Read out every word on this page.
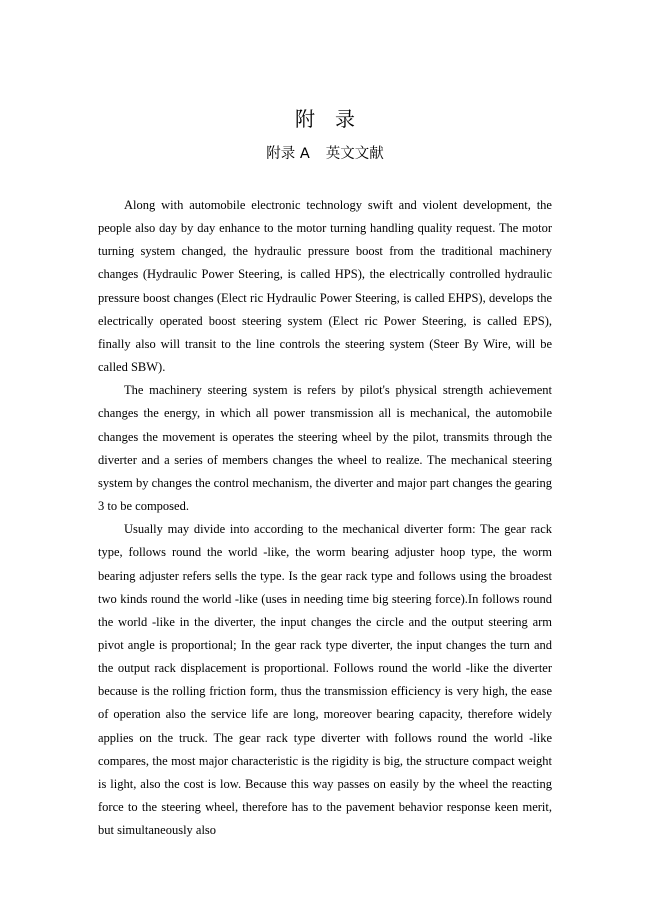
附 录
附录 A 英文文献

Along with automobile electronic technology swift and violent development, the people also day by day enhance to the motor turning handling quality request. The motor turning system changed, the hydraulic pressure boost from the traditional machinery changes (Hydraulic Power Steering, is called HPS), the electrically controlled hydraulic pressure boost changes (Elect ric Hydraulic Power Steering, is called EHPS), develops the electrically operated boost steering system (Elect ric Power Steering, is called EPS), finally also will transit to the line controls the steering system (Steer By Wire, will be called SBW).

The machinery steering system is refers by pilot's physical strength achievement changes the energy, in which all power transmission all is mechanical, the automobile changes the movement is operates the steering wheel by the pilot, transmits through the diverter and a series of members changes the wheel to realize. The mechanical steering system by changes the control mechanism, the diverter and major part changes the gearing 3 to be composed.

Usually may divide into according to the mechanical diverter form: The gear rack type, follows round the world -like, the worm bearing adjuster hoop type, the worm bearing adjuster refers sells the type. Is the gear rack type and follows using the broadest two kinds round the world -like (uses in needing time big steering force).In follows round the world -like in the diverter, the input changes the circle and the output steering arm pivot angle is proportional; In the gear rack type diverter, the input changes the turn and the output rack displacement is proportional. Follows round the world -like the diverter because is the rolling friction form, thus the transmission efficiency is very high, the ease of operation also the service life are long, moreover bearing capacity, therefore widely applies on the truck. The gear rack type diverter with follows round the world -like compares, the most major characteristic is the rigidity is big, the structure compact weight is light, also the cost is low. Because this way passes on easily by the wheel the reacting force to the steering wheel, therefore has to the pavement behavior response keen merit, but simultaneously also
